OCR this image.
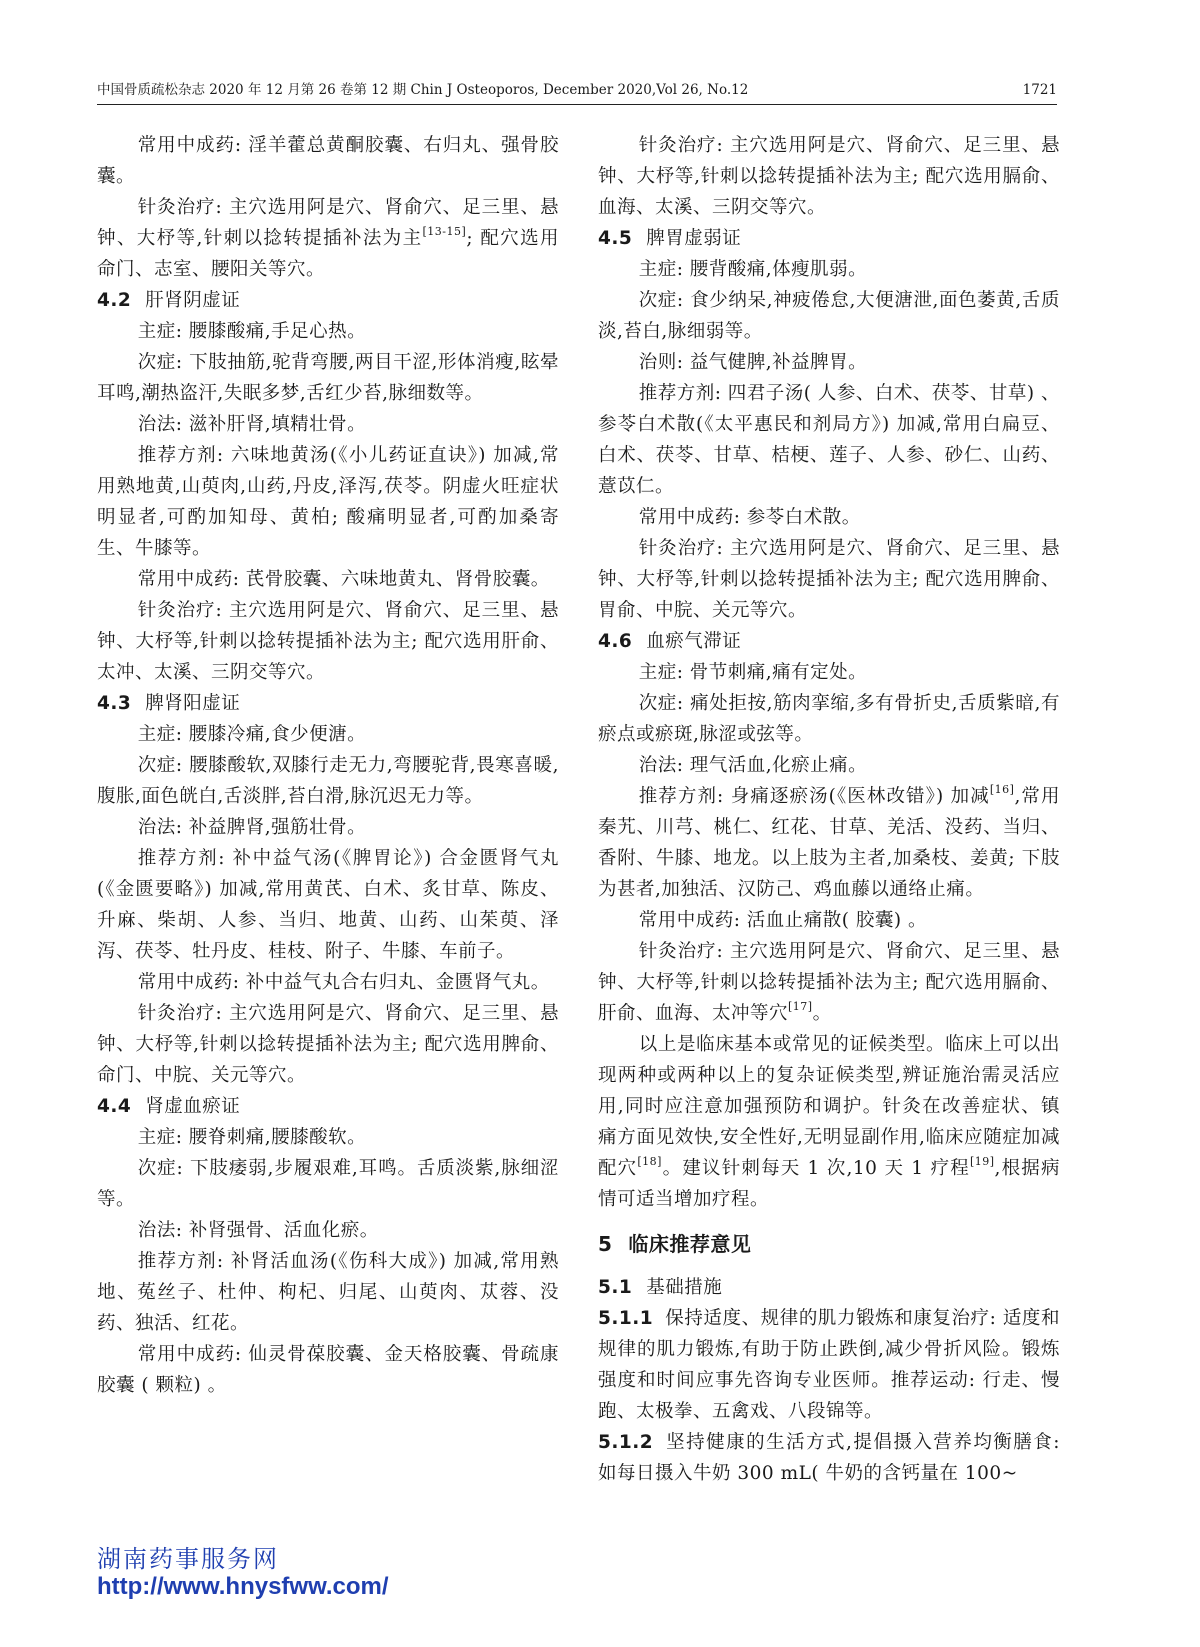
中国骨质疏松杂志 2020 年 12 月第 26 卷第 12 期 Chin J Osteoporos, December 2020,Vol 26, No.12	1721

常用中成药: 淫羊藿总黄酮胶囊、右归丸、强骨胶囊。

针灸治疗: 主穴选用阿是穴、肾俞穴、足三里、悬钟、大杼等,针刺以捻转提插补法为主[13-15]; 配穴选用命门、志室、腰阳关等穴。

4.2 肝肾阴虚证

主症: 腰膝酸痛,手足心热。

次症: 下肢抽筋,驼背弯腰,两目干涩,形体消瘦,眩晕耳鸣,潮热盗汗,失眠多梦,舌红少苔,脉细数等。

治法: 滋补肝肾,填精壮骨。

推荐方剂: 六味地黄汤(《小儿药证直诀》) 加减,常用熟地黄,山萸肉,山药,丹皮,泽泻,茯苓。阴虚火旺症状明显者,可酌加知母、黄柏; 酸痛明显者,可酌加桑寄生、牛膝等。

常用中成药: 芪骨胶囊、六味地黄丸、肾骨胶囊。

针灸治疗: 主穴选用阿是穴、肾俞穴、足三里、悬钟、大杼等,针刺以捻转提插补法为主; 配穴选用肝俞、太冲、太溪、三阴交等穴。

4.3 脾肾阳虚证

主症: 腰膝冷痛,食少便溏。

次症: 腰膝酸软,双膝行走无力,弯腰驼背,畏寒喜暖,腹胀,面色㿠白,舌淡胖,苔白滑,脉沉迟无力等。

治法: 补益脾肾,强筋壮骨。

推荐方剂: 补中益气汤(《脾胃论》) 合金匮肾气丸(《金匮要略》) 加减,常用黄芪、白术、炙甘草、陈皮、升麻、柴胡、人参、当归、地黄、山药、山茱萸、泽泻、茯苓、牡丹皮、桂枝、附子、牛膝、车前子。

常用中成药: 补中益气丸合右归丸、金匮肾气丸。

针灸治疗: 主穴选用阿是穴、肾俞穴、足三里、悬钟、大杼等,针刺以捻转提插补法为主; 配穴选用脾俞、命门、中脘、关元等穴。

4.4 肾虚血瘀证

主症: 腰脊刺痛,腰膝酸软。

次症: 下肢痿弱,步履艰难,耳鸣。舌质淡紫,脉细涩等。

治法: 补肾强骨、活血化瘀。

推荐方剂: 补肾活血汤(《伤科大成》) 加减,常用熟地、菟丝子、杜仲、枸杞、归尾、山萸肉、苁蓉、没药、独活、红花。

常用中成药: 仙灵骨葆胶囊、金天格胶囊、骨疏康胶囊 ( 颗粒) 。

针灸治疗: 主穴选用阿是穴、肾俞穴、足三里、悬钟、大杼等,针刺以捻转提插补法为主; 配穴选用膈俞、血海、太溪、三阴交等穴。

4.5 脾胃虚弱证

主症: 腰背酸痛,体瘦肌弱。

次症: 食少纳呆,神疲倦怠,大便溏泄,面色萎黄,舌质淡,苔白,脉细弱等。

治则: 益气健脾,补益脾胃。

推荐方剂: 四君子汤( 人参、白术、茯苓、甘草) 、参苓白术散(《太平惠民和剂局方》) 加减,常用白扁豆、白术、茯苓、甘草、桔梗、莲子、人参、砂仁、山药、薏苡仁。

常用中成药: 参苓白术散。

针灸治疗: 主穴选用阿是穴、肾俞穴、足三里、悬钟、大杼等,针刺以捻转提插补法为主; 配穴选用脾俞、胃俞、中脘、关元等穴。

4.6 血瘀气滞证

主症: 骨节刺痛,痛有定处。

次症: 痛处拒按,筋肉挛缩,多有骨折史,舌质紫暗,有瘀点或瘀斑,脉涩或弦等。

治法: 理气活血,化瘀止痛。

推荐方剂: 身痛逐瘀汤(《医林改错》) 加减[16],常用秦艽、川芎、桃仁、红花、甘草、羌活、没药、当归、香附、牛膝、地龙。以上肢为主者,加桑枝、姜黄; 下肢为甚者,加独活、汉防己、鸡血藤以通络止痛。

常用中成药: 活血止痛散( 胶囊) 。

针灸治疗: 主穴选用阿是穴、肾俞穴、足三里、悬钟、大杼等,针刺以捻转提插补法为主; 配穴选用膈俞、肝俞、血海、太冲等穴[17]。

以上是临床基本或常见的证候类型。临床上可以出现两种或两种以上的复杂证候类型,辨证施治需灵活应用,同时应注意加强预防和调护。针灸在改善症状、镇痛方面见效快,安全性好,无明显副作用,临床应随症加减配穴[18]。建议针刺每天 1 次,10 天 1 疗程[19],根据病情可适当增加疗程。

5 临床推荐意见

5.1 基础措施

5.1.1 保持适度、规律的肌力锻炼和康复治疗: 适度和规律的肌力锻炼,有助于防止跌倒,减少骨折风险。锻炼强度和时间应事先咨询专业医师。推荐运动: 行走、慢跑、太极拳、五禽戏、八段锦等。

5.1.2 坚持健康的生活方式,提倡摄入营养均衡膳食: 如每日摄入牛奶 300 mL( 牛奶的含钙量在 100~

湖南药事服务网
http://www.hnysfww.com/
